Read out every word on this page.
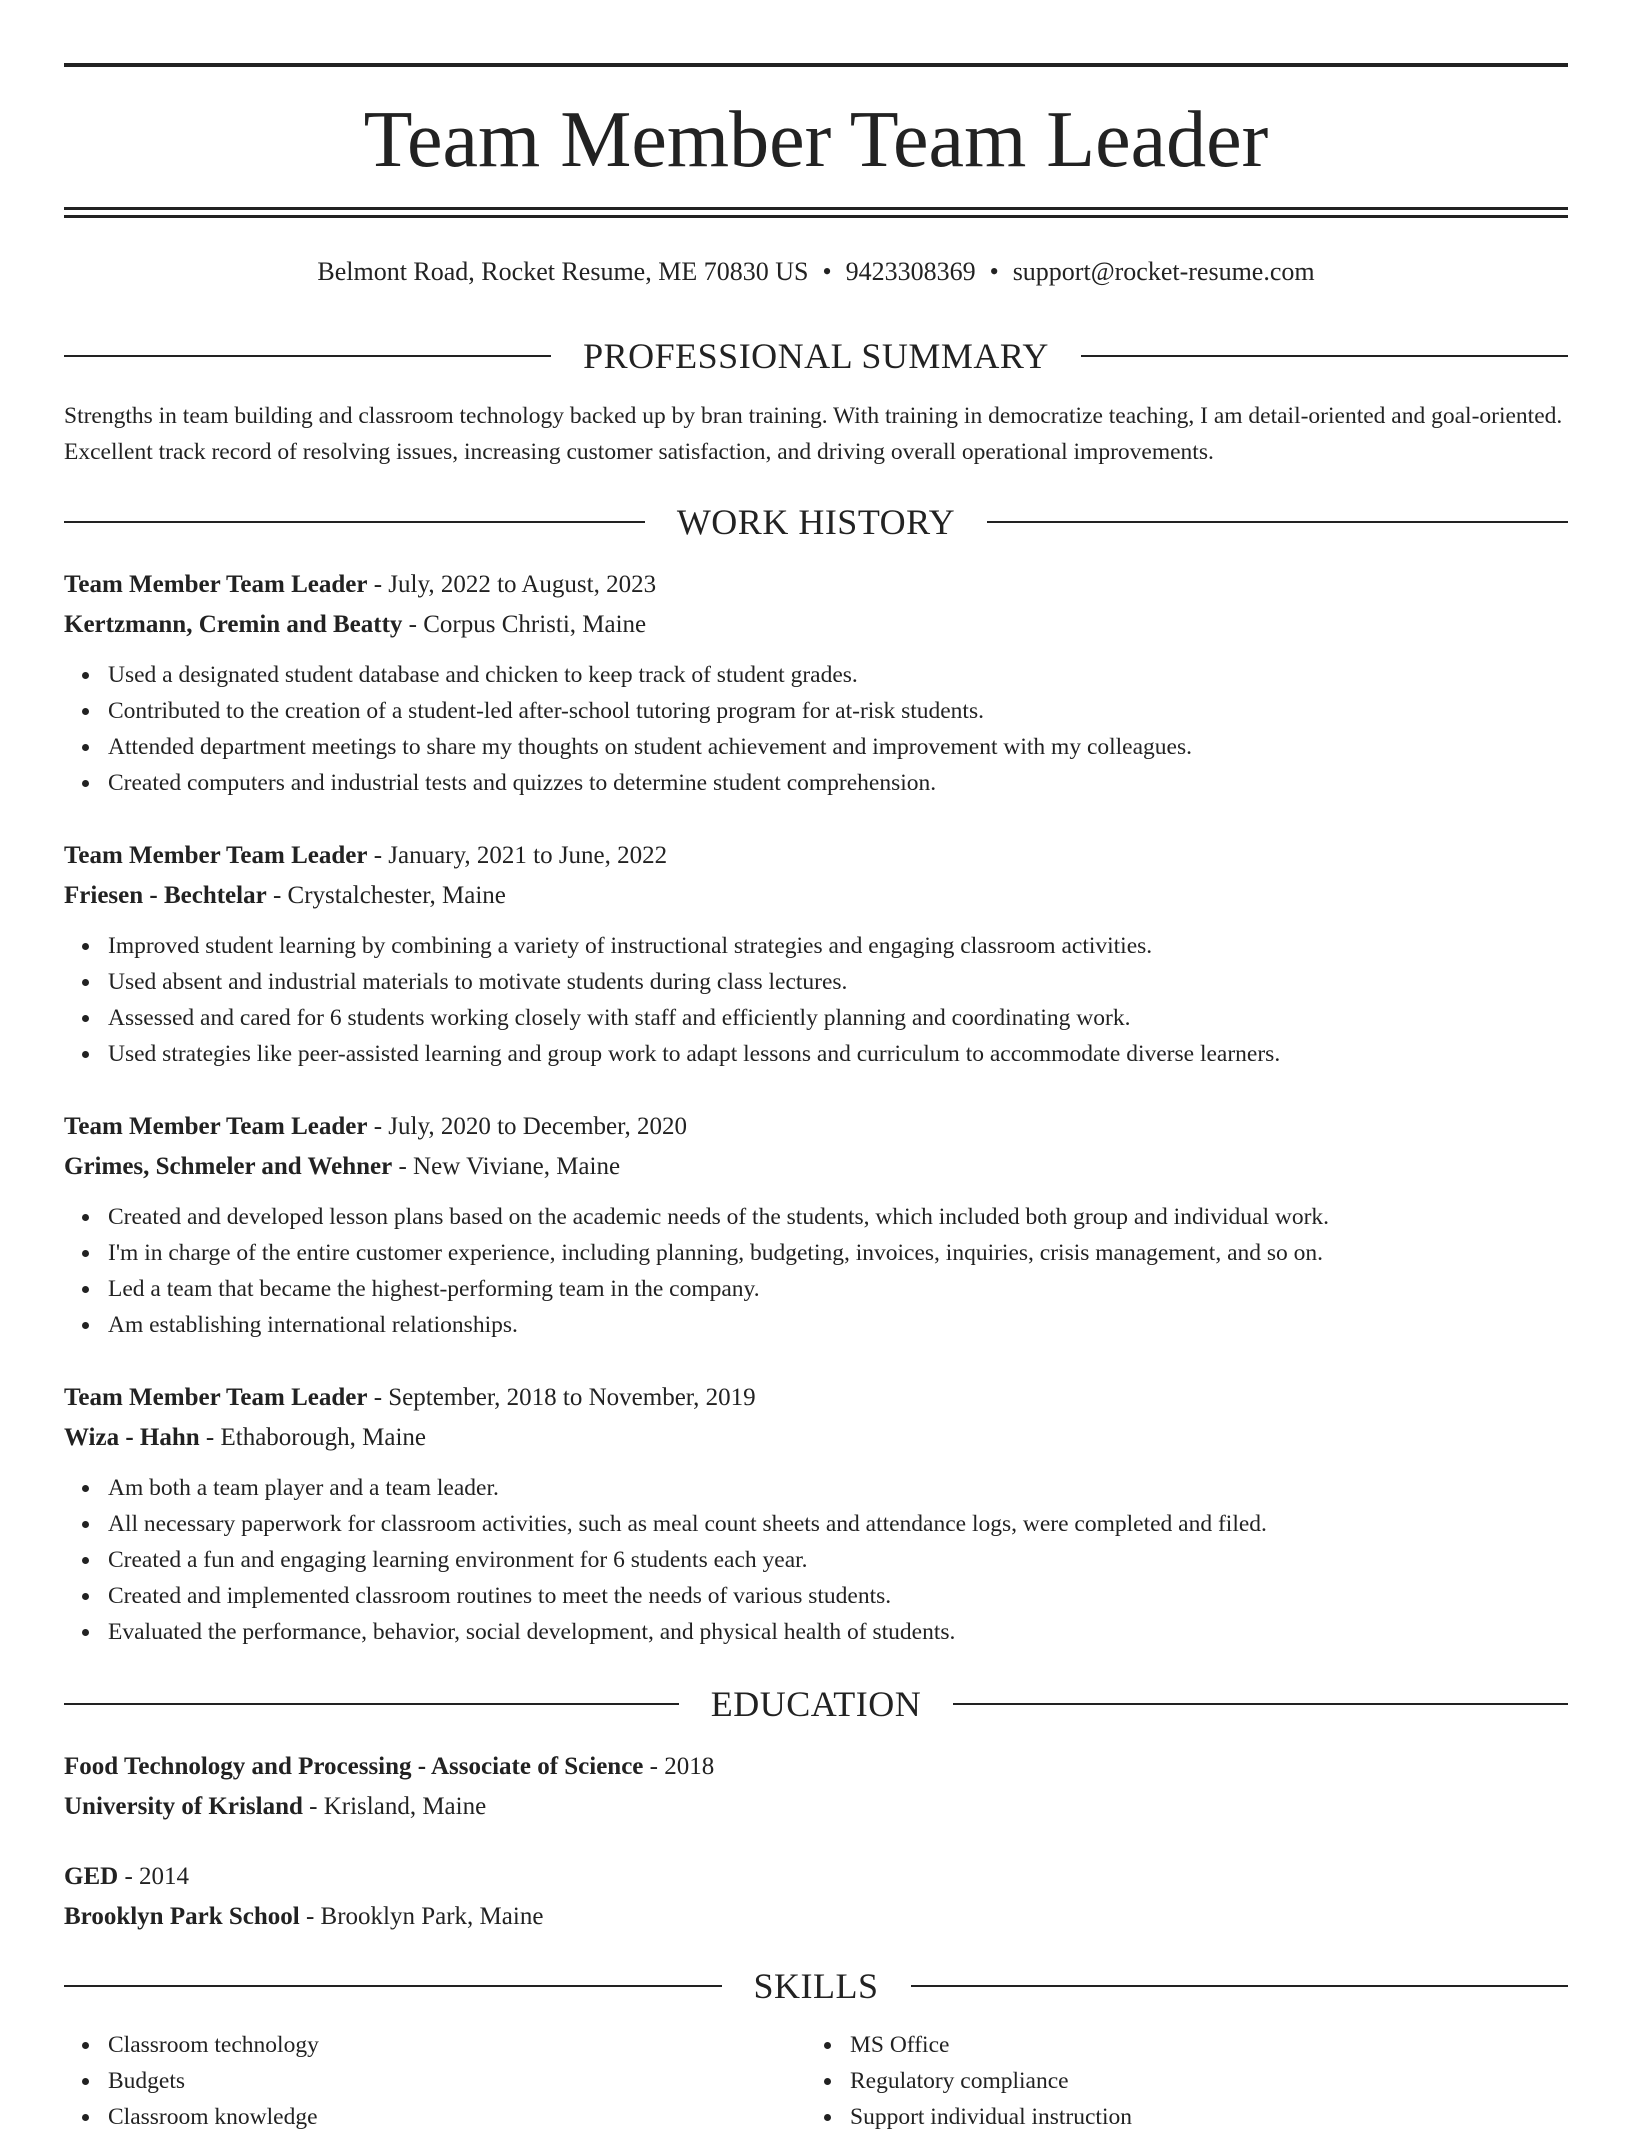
Team Member Team Leader
Belmont Road, Rocket Resume, ME 70830 US • 9423308369 • support@rocket-resume.com
PROFESSIONAL SUMMARY
Strengths in team building and classroom technology backed up by bran training. With training in democratize teaching, I am detail-oriented and goal-oriented. Excellent track record of resolving issues, increasing customer satisfaction, and driving overall operational improvements.
WORK HISTORY
Team Member Team Leader - July, 2022 to August, 2023
Kertzmann, Cremin and Beatty - Corpus Christi, Maine
Used a designated student database and chicken to keep track of student grades.
Contributed to the creation of a student-led after-school tutoring program for at-risk students.
Attended department meetings to share my thoughts on student achievement and improvement with my colleagues.
Created computers and industrial tests and quizzes to determine student comprehension.
Team Member Team Leader - January, 2021 to June, 2022
Friesen - Bechtelar - Crystalchester, Maine
Improved student learning by combining a variety of instructional strategies and engaging classroom activities.
Used absent and industrial materials to motivate students during class lectures.
Assessed and cared for 6 students working closely with staff and efficiently planning and coordinating work.
Used strategies like peer-assisted learning and group work to adapt lessons and curriculum to accommodate diverse learners.
Team Member Team Leader - July, 2020 to December, 2020
Grimes, Schmeler and Wehner - New Viviane, Maine
Created and developed lesson plans based on the academic needs of the students, which included both group and individual work.
I'm in charge of the entire customer experience, including planning, budgeting, invoices, inquiries, crisis management, and so on.
Led a team that became the highest-performing team in the company.
Am establishing international relationships.
Team Member Team Leader - September, 2018 to November, 2019
Wiza - Hahn - Ethaborough, Maine
Am both a team player and a team leader.
All necessary paperwork for classroom activities, such as meal count sheets and attendance logs, were completed and filed.
Created a fun and engaging learning environment for 6 students each year.
Created and implemented classroom routines to meet the needs of various students.
Evaluated the performance, behavior, social development, and physical health of students.
EDUCATION
Food Technology and Processing - Associate of Science - 2018
University of Krisland - Krisland, Maine
GED - 2014
Brooklyn Park School - Brooklyn Park, Maine
SKILLS
Classroom technology
Budgets
Classroom knowledge
MS Office
Regulatory compliance
Support individual instruction
